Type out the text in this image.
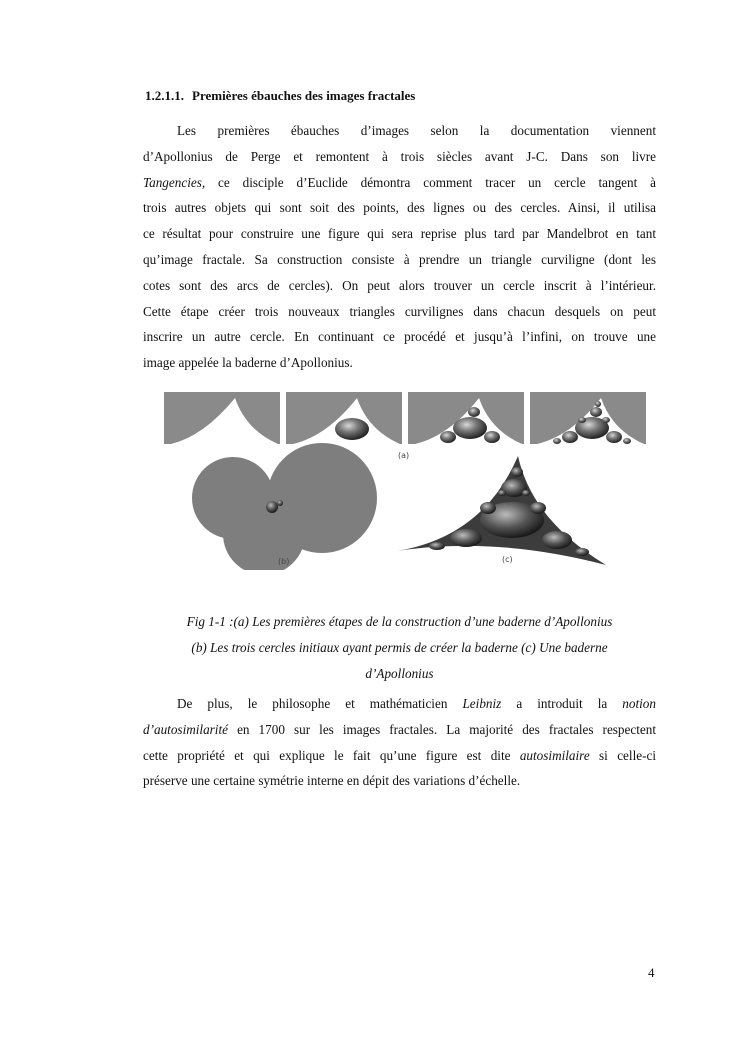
1.2.1.1. Premières ébauches des images fractales
Les premières ébauches d’images selon la documentation viennent
d’Apollonius de Perge et remontent à trois siècles avant J-C. Dans son livre
Tangencies, ce disciple d’Euclide démontra comment tracer un cercle tangent à
trois autres objets qui sont soit des points, des lignes ou des cercles. Ainsi, il utilisa
ce résultat pour construire une figure qui sera reprise plus tard par Mandelbrot en tant
qu’image fractale. Sa construction consiste à prendre un triangle curviligne (dont les
cotes sont des arcs de cercles). On peut alors trouver un cercle inscrit à l’intérieur.
Cette étape créer trois nouveaux triangles curvilignes dans chacun desquels on peut
inscrire un autre cercle. En continuant ce procédé et jusqu’à l’infini, on trouve une
image appelée la baderne d’Apollonius.
(a)
(b)	(c)
Fig 1-1 :(a) Les premières étapes de la construction d’une baderne d’Apollonius
(b) Les trois cercles initiaux ayant permis de créer la baderne (c) Une baderne
d’Apollonius
De plus, le philosophe et mathématicien Leibniz a introduit la notion
d’autosimilarité en 1700 sur les images fractales. La majorité des fractales respectent
cette propriété et qui explique le fait qu’une figure est dite autosimilaire si celle-ci
préserve une certaine symétrie interne en dépit des variations d’échelle.
4
